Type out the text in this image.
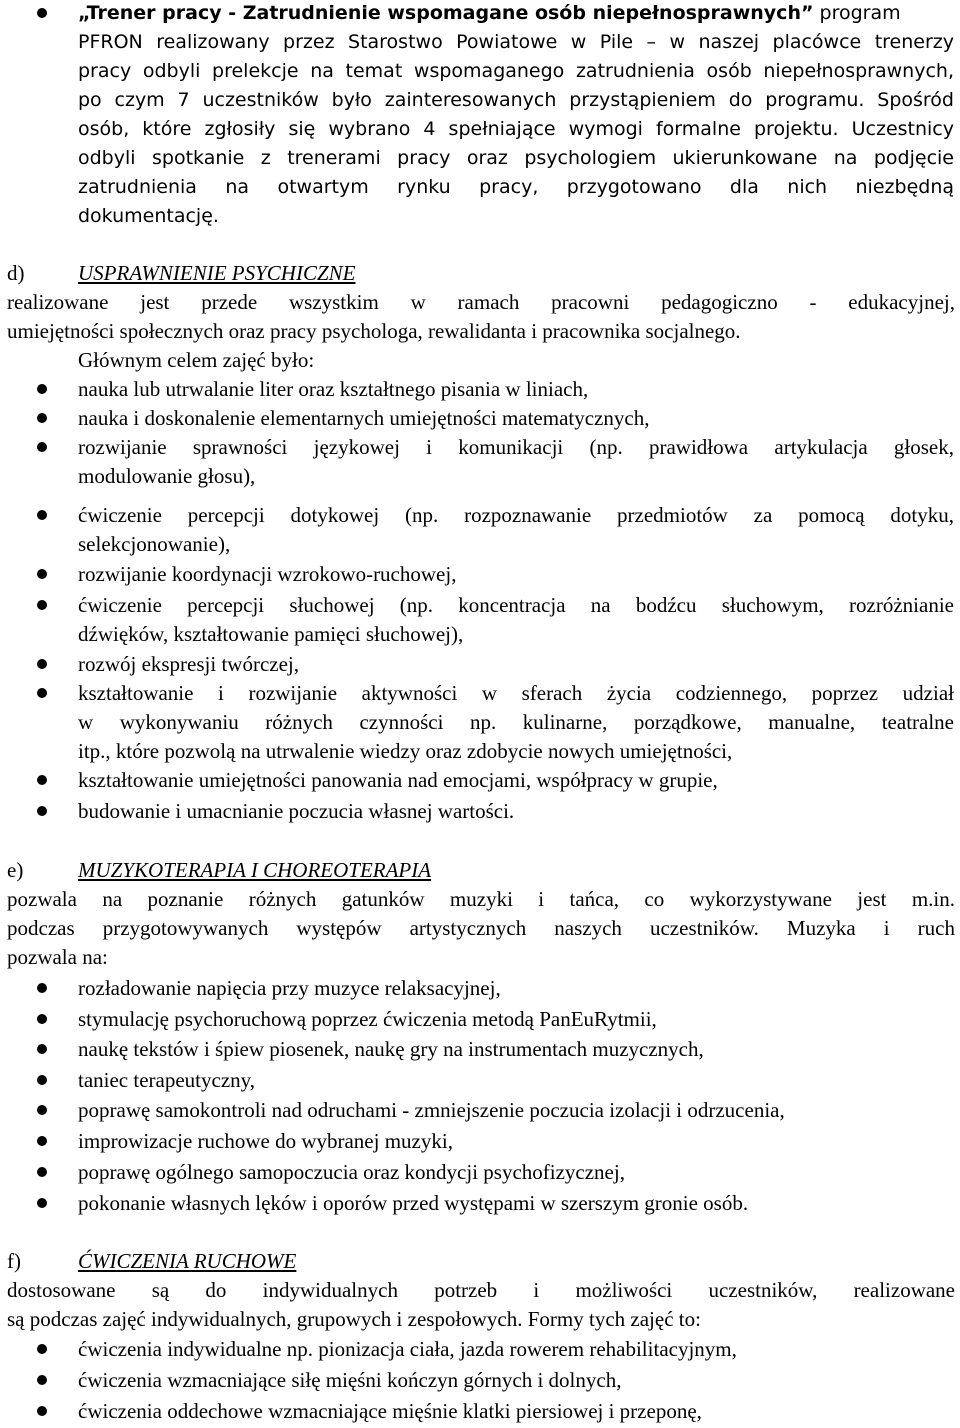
„Trener pracy - Zatrudnienie wspomagane osób niepełnosprawnych” program
PFRON realizowany przez Starostwo Powiatowe w Pile – w naszej placówce trenerzy
pracy odbyli prelekcje na temat wspomaganego zatrudnienia osób niepełnosprawnych,
po czym 7 uczestników było zainteresowanych przystąpieniem do programu. Spośród
osób, które zgłosiły się wybrano 4 spełniające wymogi formalne projektu. Uczestnicy
odbyli spotkanie z trenerami pracy oraz psychologiem ukierunkowane na podjęcie
zatrudnienia na otwartym rynku pracy, przygotowano dla nich niezbędną
dokumentację.
d)	USPRAWNIENIE PSYCHICZNE
realizowane jest przede wszystkim w ramach pracowni pedagogiczno - edukacyjnej,
umiejętności społecznych oraz pracy psychologa, rewalidanta i pracownika socjalnego.
Głównym celem zajęć było:
nauka lub utrwalanie liter oraz kształtnego pisania w liniach,
nauka i doskonalenie elementarnych umiejętności matematycznych,
rozwijanie sprawności językowej i komunikacji (np. prawidłowa artykulacja głosek,
modulowanie głosu),
ćwiczenie percepcji dotykowej (np. rozpoznawanie przedmiotów za pomocą dotyku,
selekcjonowanie),
rozwijanie koordynacji wzrokowo-ruchowej,
ćwiczenie percepcji słuchowej (np. koncentracja na bodźcu słuchowym, rozróżnianie
dźwięków, kształtowanie pamięci słuchowej),
rozwój ekspresji twórczej,
kształtowanie i rozwijanie aktywności w sferach życia codziennego, poprzez udział
w wykonywaniu różnych czynności np. kulinarne, porządkowe, manualne, teatralne
itp., które pozwolą na utrwalenie wiedzy oraz zdobycie nowych umiejętności,
kształtowanie umiejętności panowania nad emocjami, współpracy w grupie,
budowanie i umacnianie poczucia własnej wartości.
e)	MUZYKOTERAPIA I CHOREOTERAPIA
pozwala na poznanie różnych gatunków muzyki i tańca, co wykorzystywane jest m.in.
podczas przygotowywanych występów artystycznych naszych uczestników. Muzyka i ruch
pozwala na:
rozładowanie napięcia przy muzyce relaksacyjnej,
stymulację psychoruchową poprzez ćwiczenia metodą PanEuRytmii,
naukę tekstów i śpiew piosenek, naukę gry na instrumentach muzycznych,
taniec terapeutyczny,
poprawę samokontroli nad odruchami - zmniejszenie poczucia izolacji i odrzucenia,
improwizacje ruchowe do wybranej muzyki,
poprawę ogólnego samopoczucia oraz kondycji psychofizycznej,
pokonanie własnych lęków i oporów przed występami w szerszym gronie osób.
f)	ĆWICZENIA RUCHOWE
dostosowane są do indywidualnych potrzeb i możliwości uczestników, realizowane
są podczas zajęć indywidualnych, grupowych i zespołowych. Formy tych zajęć to:
ćwiczenia indywidualne np. pionizacja ciała, jazda rowerem rehabilitacyjnym,
ćwiczenia wzmacniające siłę mięśni kończyn górnych i dolnych,
ćwiczenia oddechowe wzmacniające mięśnie klatki piersiowej i przeponę,
